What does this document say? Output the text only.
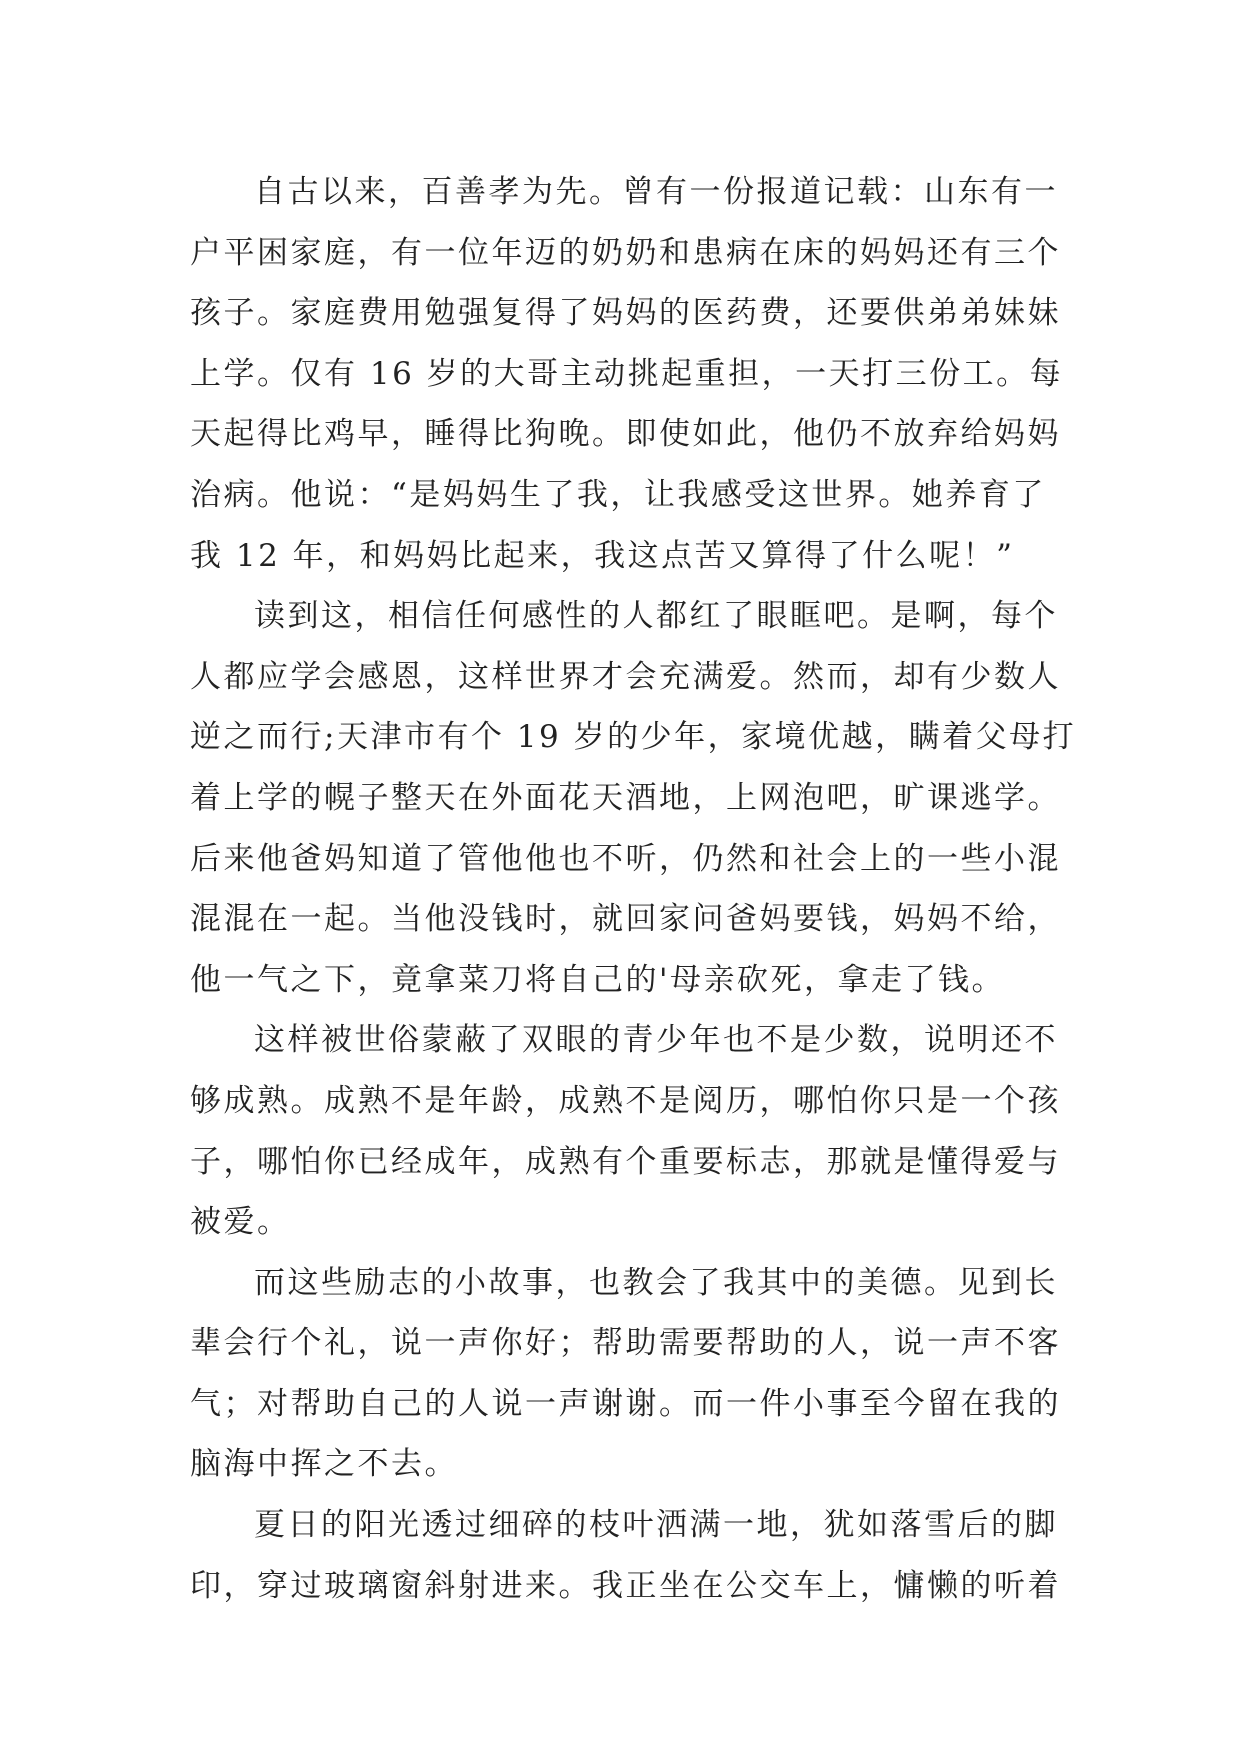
自古以来，百善孝为先。曾有一份报道记载：山东有一
户平困家庭，有一位年迈的奶奶和患病在床的妈妈还有三个
孩子。家庭费用勉强复得了妈妈的医药费，还要供弟弟妹妹
上学。仅有 16 岁的大哥主动挑起重担，一天打三份工。每
天起得比鸡早，睡得比狗晚。即使如此，他仍不放弃给妈妈
治病。他说：“是妈妈生了我，让我感受这世界。她养育了
我 12 年，和妈妈比起来，我这点苦又算得了什么呢！”
读到这，相信任何感性的人都红了眼眶吧。是啊，每个
人都应学会感恩，这样世界才会充满爱。然而，却有少数人
逆之而行;天津市有个 19 岁的少年，家境优越，瞒着父母打
着上学的幌子整天在外面花天酒地，上网泡吧，旷课逃学。
后来他爸妈知道了管他他也不听，仍然和社会上的一些小混
混混在一起。当他没钱时，就回家问爸妈要钱，妈妈不给，
他一气之下，竟拿菜刀将自己的'母亲砍死，拿走了钱。
这样被世俗蒙蔽了双眼的青少年也不是少数，说明还不
够成熟。成熟不是年龄，成熟不是阅历，哪怕你只是一个孩
子，哪怕你已经成年，成熟有个重要标志，那就是懂得爱与
被爱。
而这些励志的小故事，也教会了我其中的美德。见到长
辈会行个礼，说一声你好；帮助需要帮助的人，说一声不客
气；对帮助自己的人说一声谢谢。而一件小事至今留在我的
脑海中挥之不去。
夏日的阳光透过细碎的枝叶洒满一地，犹如落雪后的脚
印，穿过玻璃窗斜射进来。我正坐在公交车上，慵懒的听着
